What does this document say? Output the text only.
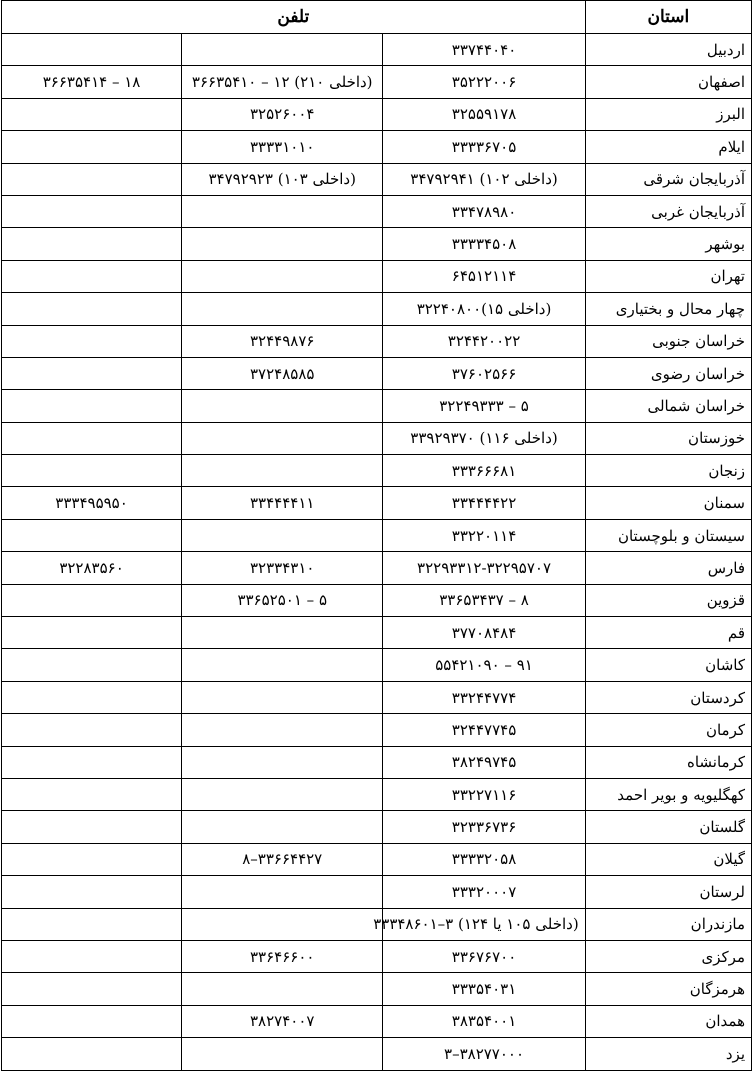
استان	تلفن		
اردبیل	۳۳۷۴۴۰۴۰		
اصفهان	۳۵۲۲۲۰۰۶	(داخلی ۲۱۰) ۱۲ – ۳۶۶۳۵۴۱۰	۱۸ – ۳۶۶۳۵۴۱۴
البرز	۳۲۵۵۹۱۷۸	۳۲۵۲۶۰۰۴	
ایلام	۳۳۳۳۶۷۰۵	۳۳۳۳۱۰۱۰	
آذربایجان شرقی	(داخلی ۱۰۲) ۳۴۷۹۲۹۴۱	(داخلی ۱۰۳) ۳۴۷۹۲۹۲۳	
آذربایجان غربی	۳۳۴۷۸۹۸۰		
بوشهر	۳۳۳۳۴۵۰۸		
تهران	۶۴۵۱۲۱۱۴		
چهار محال و بختیاری	(داخلی ۱۵)۳۲۲۴۰۸۰۰		
خراسان جنوبی	۳۲۴۴۲۰۰۲۲	۳۲۴۴۹۸۷۶	
خراسان رضوی	۳۷۶۰۲۵۶۶	۳۷۲۴۸۵۸۵	
خراسان شمالی	۵ – ۳۲۲۴۹۳۳۳		
خوزستان	(داخلی ۱۱۶) ۳۳۹۲۹۳۷۰		
زنجان	۳۳۳۶۶۶۸۱		
سمنان	۳۳۴۴۴۴۲۲	۳۳۴۴۴۴۱۱	۳۳۳۴۹۵۹۵۰
سیستان و بلوچستان	۳۳۲۲۰۱۱۴		
فارس	۳۲۲۹۳۳۱۲-۳۲۲۹۵۷۰۷	۳۲۳۳۴۳۱۰	۳۲۲۸۳۵۶۰
قزوین	۸ – ۳۳۶۵۳۴۳۷	۵ – ۳۳۶۵۲۵۰۱	
قم	۳۷۷۰۸۴۸۴		
کاشان	۹۱ – ۵۵۴۲۱۰۹۰		
کردستان	۳۳۲۴۴۷۷۴		
کرمان	۳۲۴۴۷۷۴۵		
کرمانشاه	۳۸۲۴۹۷۴۵		
کهگلیویه و بویر احمد	۳۳۲۲۷۱۱۶		
گلستان	۳۲۳۳۶۷۳۶		
گیلان	۳۳۳۳۲۰۵۸	۳۳۶۶۴۴۲۷–۸	
لرستان	۳۳۳۲۰۰۰۷		
مازندران	(داخلی ۱۰۵ یا ۱۲۴) ۳–۳۳۳۴۸۶۰۱		
مرکزی	۳۳۶۷۶۷۰۰	۳۳۶۴۶۶۰۰	
هرمزگان	۳۳۳۵۴۰۳۱		
همدان	۳۸۳۵۴۰۰۱	۳۸۲۷۴۰۰۷	
یزد	۳۸۲۷۷۰۰۰–۳		
